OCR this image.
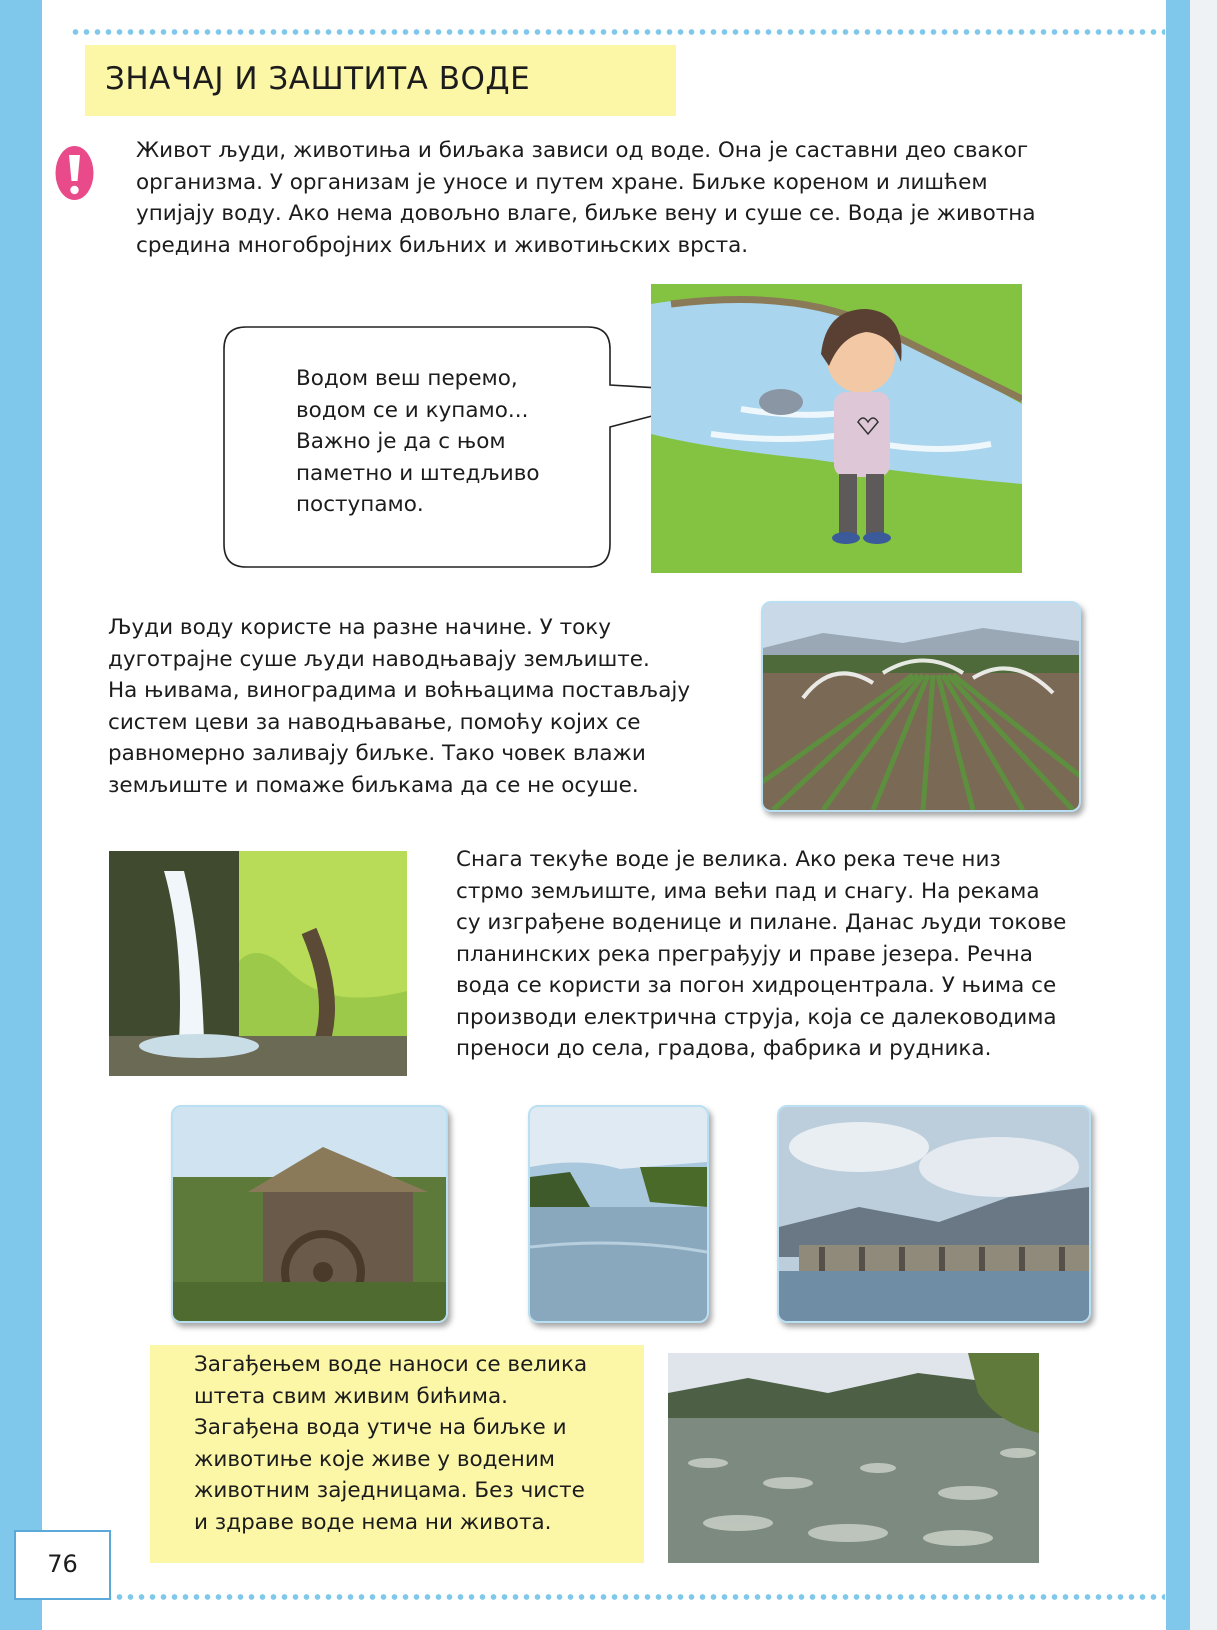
ЗНАЧАЈ И ЗАШТИТА ВОДЕ

Живот људи, животиња и биљака зависи од воде. Она је саставни део сваког
организма. У организам је уносе и путем хране. Биљке кореном и лишћем
упијају воду. Ако нема довољно влаге, биљке вену и суше се. Вода је животна
средина многобројних биљних и животињских врста.

Водом веш перемо,
водом се и купамо...
Важно је да с њом
паметно и штедљиво
поступамо.

Људи воду користе на разне начине. У току
дуготрајне суше људи наводњавају земљиште.
На њивама, виноградима и воћњацима постављају
систем цеви за наводњавање, помоћу којих се
равномерно заливају биљке. Тако човек влажи
земљиште и помаже биљкама да се не осуше.

Снага текуће воде је велика. Ако река тече низ
стрмо земљиште, има већи пад и снагу. На рекама
су изграђене воденице и пилане. Данас људи токове
планинских река преграђују и праве језера. Речна
вода се користи за погон хидроцентрала. У њима се
производи електрична струја, која се далеководима
преноси до села, градова, фабрика и рудника.

Загађењем воде наноси се велика
штета свим живим бићима.
Загађена вода утиче на биљке и
животиње које живе у воденим
животним заједницама. Без чисте
и здраве воде нема ни живота.

76
